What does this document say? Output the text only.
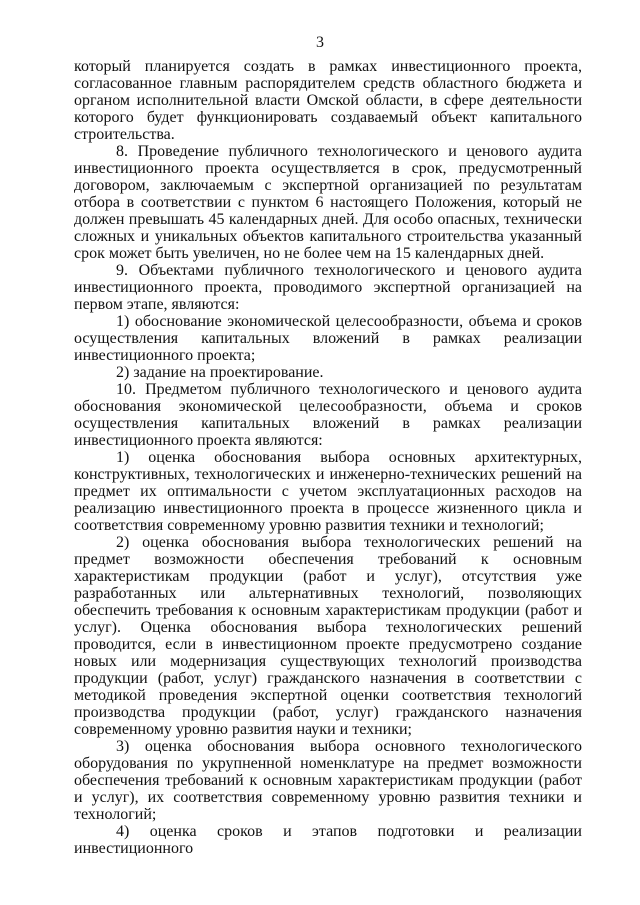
3

который планируется создать в рамках инвестиционного проекта, согласованное главным распорядителем средств областного бюджета и органом исполнительной власти Омской области, в сфере деятельности которого будет функционировать создаваемый объект капитального строительства.

8. Проведение публичного технологического и ценового аудита инвестиционного проекта осуществляется в срок, предусмотренный договором, заключаемым с экспертной организацией по результатам отбора в соответствии с пунктом 6 настоящего Положения, который не должен превышать 45 календарных дней. Для особо опасных, технически сложных и уникальных объектов капитального строительства указанный срок может быть увеличен, но не более чем на 15 календарных дней.

9. Объектами публичного технологического и ценового аудита инвестиционного проекта, проводимого экспертной организацией на первом этапе, являются:

1) обоснование экономической целесообразности, объема и сроков осуществления капитальных вложений в рамках реализации инвестиционного проекта;

2) задание на проектирование.

10. Предметом публичного технологического и ценового аудита обоснования экономической целесообразности, объема и сроков осуществления капитальных вложений в рамках реализации инвестиционного проекта являются:

1) оценка обоснования выбора основных архитектурных, конструктивных, технологических и инженерно-технических решений на предмет их оптимальности с учетом эксплуатационных расходов на реализацию инвестиционного проекта в процессе жизненного цикла и соответствия современному уровню развития техники и технологий;

2) оценка обоснования выбора технологических решений на предмет возможности обеспечения требований к основным характеристикам продукции (работ и услуг), отсутствия уже разработанных или альтернативных технологий, позволяющих обеспечить требования к основным характеристикам продукции (работ и услуг). Оценка обоснования выбора технологических решений проводится, если в инвестиционном проекте предусмотрено создание новых или модернизация существующих технологий производства продукции (работ, услуг) гражданского назначения в соответствии с методикой проведения экспертной оценки соответствия технологий производства продукции (работ, услуг) гражданского назначения современному уровню развития науки и техники;

3) оценка обоснования выбора основного технологического оборудования по укрупненной номенклатуре на предмет возможности обеспечения требований к основным характеристикам продукции (работ и услуг), их соответствия современному уровню развития техники и технологий;

4) оценка сроков и этапов подготовки и реализации инвестиционного
